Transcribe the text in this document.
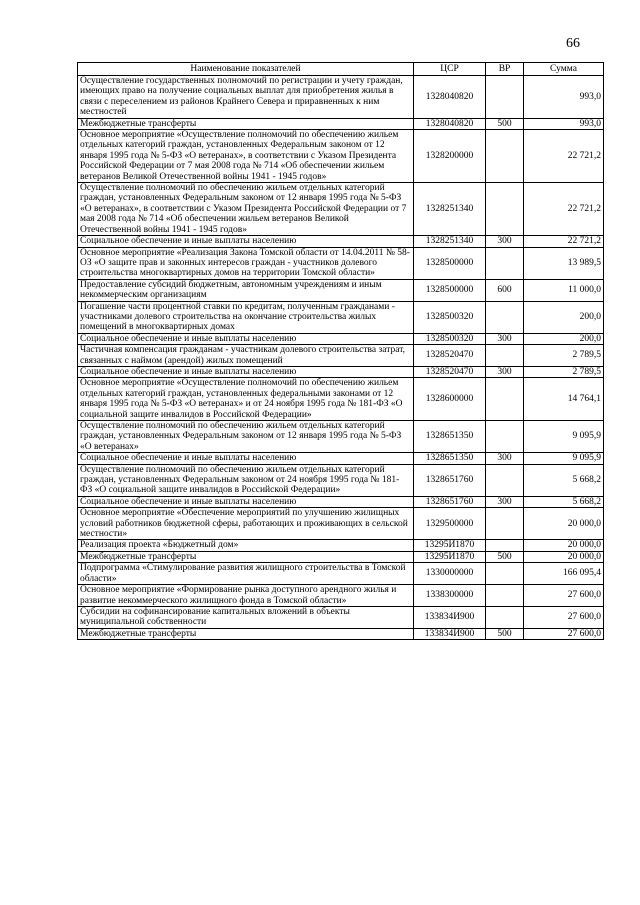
66
Наименование показателей	ЦСР	ВР	Сумма
Осуществление государственных полномочий по регистрации и учету граждан, имеющих право на получение социальных выплат для приобретения жилья в связи с переселением из районов Крайнего Севера и приравненных к ним местностей	1328040820		993,0
Межбюджетные трансферты	1328040820	500	993,0
Основное мероприятие «Осуществление полномочий по обеспечению жильем отдельных категорий граждан, установленных Федеральным законом от 12 января 1995 года № 5-ФЗ «О ветеранах», в соответствии с Указом Президента Российской Федерации от 7 мая 2008 года № 714 «Об обеспечении жильем ветеранов Великой Отечественной войны 1941 - 1945 годов»	1328200000		22 721,2
Осуществление полномочий по обеспечению жильем отдельных категорий граждан, установленных Федеральным законом от 12 января 1995 года № 5-ФЗ «О ветеранах», в соответствии с Указом Президента Российской Федерации от 7 мая 2008 года № 714 «Об обеспечении жильем ветеранов Великой Отечественной войны 1941 - 1945 годов»	1328251340		22 721,2
Социальное обеспечение и иные выплаты населению	1328251340	300	22 721,2
Основное мероприятие «Реализация Закона Томской области от 14.04.2011 № 58-ОЗ «О защите прав и законных интересов граждан - участников долевого строительства многоквартирных домов на территории Томской области»	1328500000		13 989,5
Предоставление субсидий бюджетным, автономным учреждениям и иным некоммерческим организациям	1328500000	600	11 000,0
Погашение части процентной ставки по кредитам, полученным гражданами - участниками долевого строительства на окончание строительства жилых помещений в многоквартирных домах	1328500320		200,0
Социальное обеспечение и иные выплаты населению	1328500320	300	200,0
Частичная компенсация гражданам - участникам долевого строительства затрат, связанных с наймом (арендой) жилых помещений	1328520470		2 789,5
Социальное обеспечение и иные выплаты населению	1328520470	300	2 789,5
Основное мероприятие «Осуществление полномочий по обеспечению жильем отдельных категорий граждан, установленных федеральными законами от 12 января 1995 года № 5-ФЗ «О ветеранах» и от 24 ноября 1995 года № 181-ФЗ «О социальной защите инвалидов в Российской Федерации»	1328600000		14 764,1
Осуществление полномочий по обеспечению жильем отдельных категорий граждан, установленных Федеральным законом от 12 января 1995 года № 5-ФЗ «О ветеранах»	1328651350		9 095,9
Социальное обеспечение и иные выплаты населению	1328651350	300	9 095,9
Осуществление полномочий по обеспечению жильем отдельных категорий граждан, установленных Федеральным законом от 24 ноября 1995 года № 181-ФЗ «О социальной защите инвалидов в Российской Федерации»	1328651760		5 668,2
Социальное обеспечение и иные выплаты населению	1328651760	300	5 668,2
Основное мероприятие «Обеспечение мероприятий по улучшению жилищных условий работников бюджетной сферы, работающих и проживающих в сельской местности»	1329500000		20 000,0
Реализация проекта «Бюджетный дом»	13295И1870		20 000,0
Межбюджетные трансферты	13295И1870	500	20 000,0
Подпрограмма «Стимулирование развития жилищного строительства в Томской области»	1330000000		166 095,4
Основное мероприятие «Формирование рынка доступного арендного жилья и развитие некоммерческого жилищного фонда в Томской области»	1338300000		27 600,0
Субсидии на софинансирование капитальных вложений в объекты муниципальной собственности	133834И900		27 600,0
Межбюджетные трансферты	133834И900	500	27 600,0
